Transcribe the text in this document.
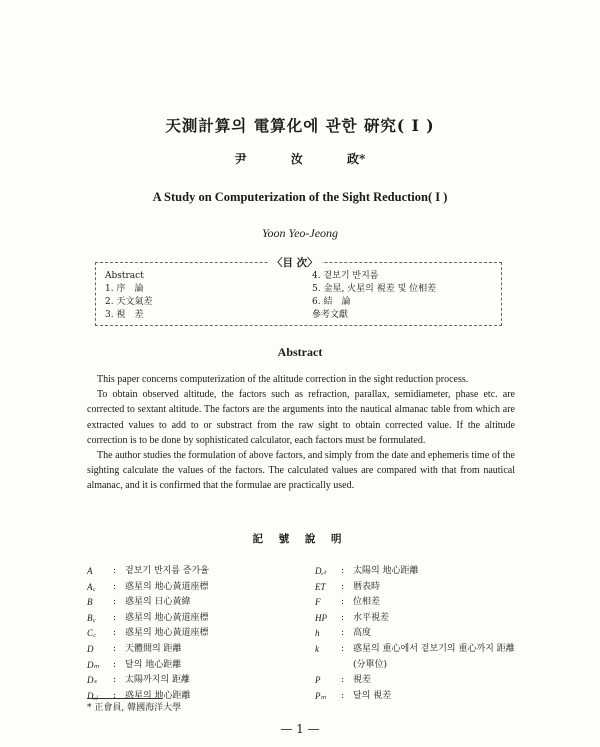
天測計算의 電算化에 관한 硏究( I )
尹 汝 政*
A Study on Computerization of the Sight Reduction( I )
Yoon Yeo-Jeong
〈目 次〉
Abstract
1. 序　論
2. 天文氣差
3. 視　差
4. 겉보기 반지름
5. 金星, 火星의 視差 및 位相差
6. 結　論
參考文獻
Abstract

This paper concerns computerization of the altitude correction in the sight reduction process.

To obtain observed altitude, the factors such as refraction, parallax, semidiameter, phase etc. are corrected to sextant altitude. The factors are the arguments into the nautical almanac table from which are extracted values to add to or substract from the raw sight to obtain corrected value. If the altitude correction is to be done by sophisticated calculator, each factors must be formulated.

The author studies the formulation of above factors, and simply from the date and ephemeris time of the sighting calculate the values of the factors. The calculated values are compared with that from nautical almanac, and it is confirmed that the formulae are practically used.

記 號 說 明
A	: 겉보기 반지름 증가율
A꜀	: 惑星의 地心黃道座標
B	: 惑星의 日心黃緯
B꜀	: 惑星의 地心黃道座標
C꜀	: 惑星의 地心黃道座標
D	: 天體間의 距離
Dₘ	: 달의 地心距離
Dₛ	: 太陽까지의 距離
Dₑⱼ	: 惑星의 地心距離
Dₑₜ	: 太陽의 地心距離
ET	: 暦表時
F	: 位相差
HP	: 水平視差
h	: 高度
k	: 惑星의 重心에서 겉보기의 重心까지 距離
(分單位)
P	: 視差
Pₘ	: 달의 視差
* 正會員, 韓國海洋大學
— 1 —
